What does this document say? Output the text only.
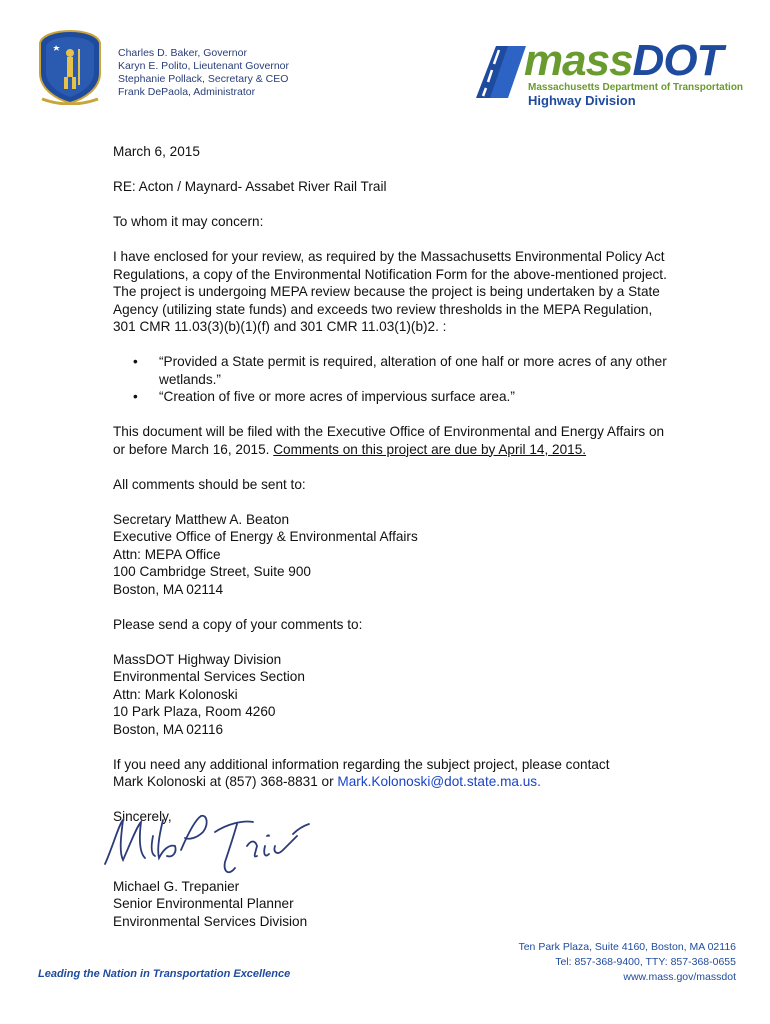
Charles D. Baker, Governor
Karyn E. Polito, Lieutenant Governor
Stephanie Pollack, Secretary & CEO
Frank DePaola, Administrator
massDOT
Massachusetts Department of Transportation
Highway Division

March 6, 2015

RE: Acton / Maynard- Assabet River Rail Trail

To whom it may concern:

I have enclosed for your review, as required by the Massachusetts Environmental Policy Act Regulations, a copy of the Environmental Notification Form for the above-mentioned project. The project is undergoing MEPA review because the project is being undertaken by a State Agency (utilizing state funds) and exceeds two review thresholds in the MEPA Regulation, 301 CMR 11.03(3)(b)(1)(f) and 301 CMR 11.03(1)(b)2. :

• “Provided a State permit is required, alteration of one half or more acres of any other wetlands.”
• “Creation of five or more acres of impervious surface area.”

This document will be filed with the Executive Office of Environmental and Energy Affairs on or before March 16, 2015. Comments on this project are due by April 14, 2015.

All comments should be sent to:

Secretary Matthew A. Beaton

Executive Office of Energy & Environmental Affairs

Attn: MEPA Office

100 Cambridge Street, Suite 900

Boston, MA 02114

Please send a copy of your comments to:

MassDOT Highway Division

Environmental Services Section

Attn: Mark Kolonoski

10 Park Plaza, Room 4260

Boston, MA 02116

If you need any additional information regarding the subject project, please contact
Mark Kolonoski at (857) 368-8831 or Mark.Kolonoski@dot.state.ma.us.

Sincerely,

Michael G. Trepanier

Senior Environmental Planner

Environmental Services Division

Ten Park Plaza, Suite 4160, Boston, MA 02116
Tel: 857-368-9400, TTY: 857-368-0655
www.mass.gov/massdot
Leading the Nation in Transportation Excellence
